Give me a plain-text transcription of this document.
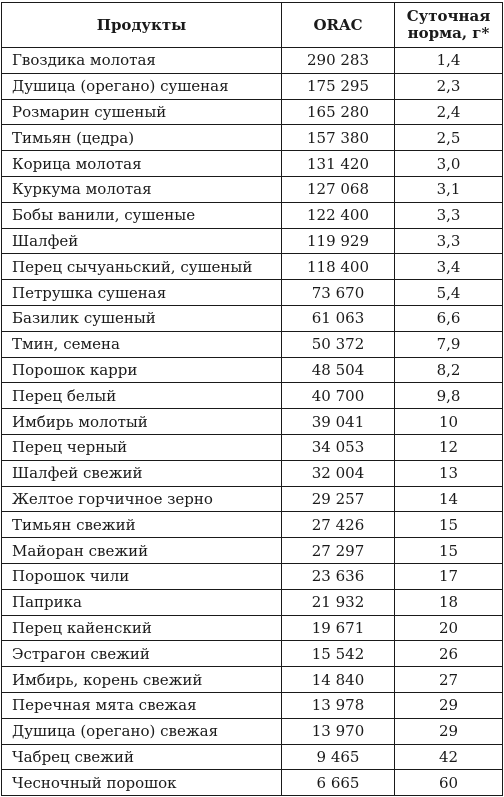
Продукты	ORAC	Суточная норма, г*
Гвоздика молотая	290 283	1,4
Душица (орегано) сушеная	175 295	2,3
Розмарин сушеный	165 280	2,4
Тимьян (цедра)	157 380	2,5
Корица молотая	131 420	3,0
Куркума молотая	127 068	3,1
Бобы ванили, сушеные	122 400	3,3
Шалфей	119 929	3,3
Перец сычуаньский, сушеный	118 400	3,4
Петрушка сушеная	73 670	5,4
Базилик сушеный	61 063	6,6
Тмин, семена	50 372	7,9
Порошок карри	48 504	8,2
Перец белый	40 700	9,8
Имбирь молотый	39 041	10
Перец черный	34 053	12
Шалфей свежий	32 004	13
Желтое горчичное зерно	29 257	14
Тимьян свежий	27 426	15
Майоран свежий	27 297	15
Порошок чили	23 636	17
Паприка	21 932	18
Перец кайенский	19 671	20
Эстрагон свежий	15 542	26
Имбирь, корень свежий	14 840	27
Перечная мята свежая	13 978	29
Душица (орегано) свежая	13 970	29
Чабрец свежий	9 465	42
Чесночный порошок	6 665	60
